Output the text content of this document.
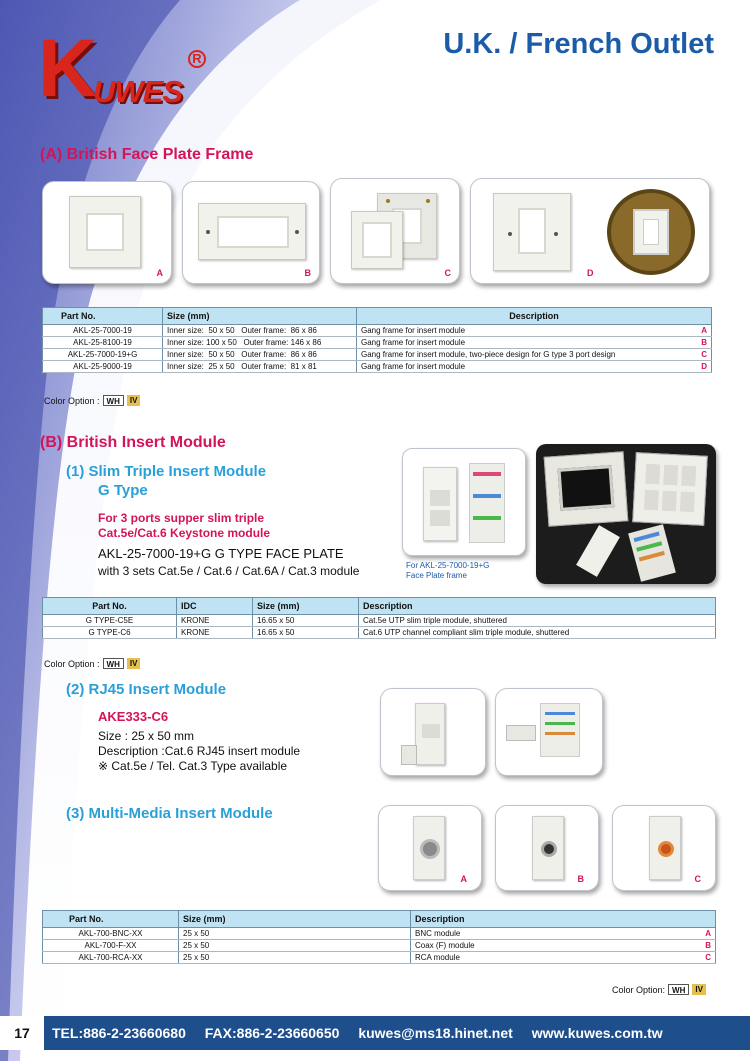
K
UWES
R	U.K. / French Outlet
(A) British Face Plate Frame
A	B	C	D
Part No.	Size (mm)	Description
AKL-25-7000-19	Inner size:  50 x 50   Outer frame:  86 x 86	Gang frame for insert module A

AKL-25-8100-19	Inner size: 100 x 50   Outer frame: 146 x 86	Gang frame for insert module B

AKL-25-7000-19+G	Inner size:  50 x 50   Outer frame:  86 x 86	Gang frame for insert module, two-piece design for G type 3 port design C

AKL-25-9000-19	Inner size:  25 x 50   Outer frame:  81 x 81	Gang frame for insert module D
Color Option : WH	IV
(B) British Insert Module
(1) Slim Triple Insert Module
G Type
For 3 ports supper slim triple
Cat.5e/Cat.6 Keystone module
AKL-25-7000-19+G G TYPE FACE PLATE
with 3 sets Cat.5e / Cat.6 / Cat.6A / Cat.3 module	For AKL-25-7000-19+G
Face Plate frame
Part No.	IDC	Size (mm)	Description
G TYPE-C5E	KRONE	16.65 x 50	Cat.5e UTP slim triple module, shuttered
G TYPE-C6	KRONE	16.65 x 50	Cat.6 UTP channel compliant slim triple module, shuttered
Color Option : WH	IV
(2) RJ45 Insert Module
AKE333-C6
Size : 25 x 50 mm
Description :Cat.6 RJ45 insert module
※ Cat.5e / Tel. Cat.3 Type available
(3) Multi-Media Insert Module
A	B	C
Part No.	Size (mm)	Description
AKL-700-BNC-XX	25 x 50	BNC module A

AKL-700-F-XX	25 x 50	Coax (F) module B

AKL-700-RCA-XX	25 x 50	RCA module C
Color Option: WH	IV
17	TEL:886-2-23660680 FAX:886-2-23660650 kuwes@ms18.hinet.net www.kuwes.com.tw
